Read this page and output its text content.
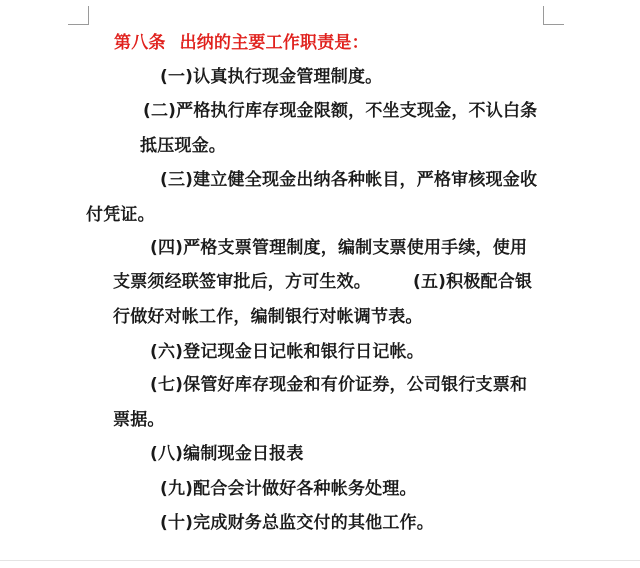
第八条 出纳的主要工作职责是：
(一)认真执行现金管理制度。
(二)严格执行库存现金限额，不坐支现金，不认白条
抵压现金。
(三)建立健全现金出纳各种帐目，严格审核现金收
付凭证。
(四)严格支票管理制度，编制支票使用手续，使用
支票须经联签审批后，方可生效。 (五)积极配合银
行做好对帐工作，编制银行对帐调节表。
(六)登记现金日记帐和银行日记帐。
(七)保管好库存现金和有价证券，公司银行支票和
票据。
(八)编制现金日报表
(九)配合会计做好各种帐务处理。
(十)完成财务总监交付的其他工作。
